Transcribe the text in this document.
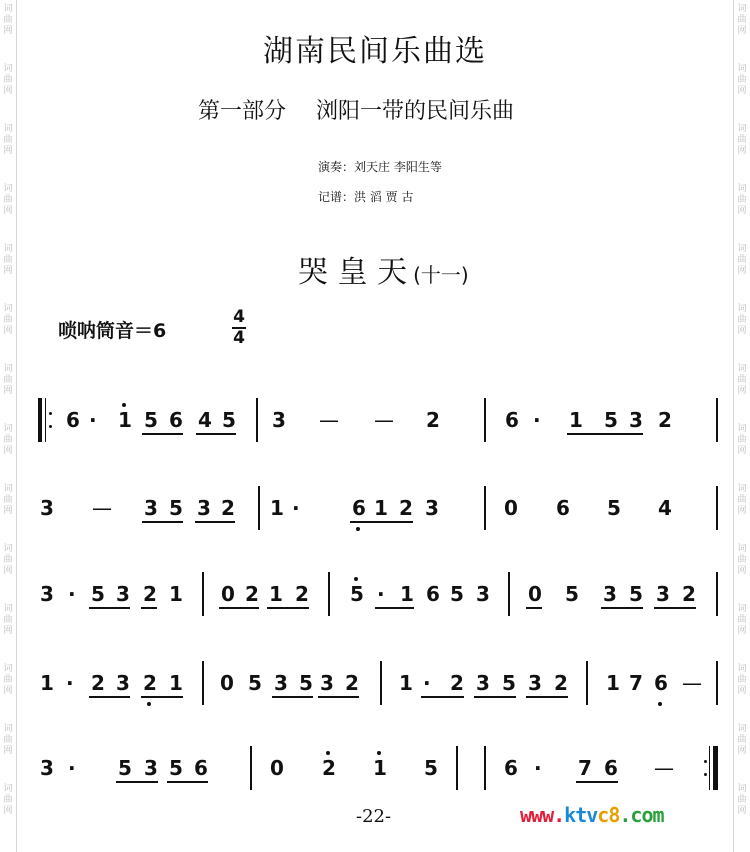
词
曲
网
词
曲
网
词
曲
网
词
曲
网
词
曲
网
词
曲
网
词
曲
网
词
曲
网
词
曲
网
词
曲
网
词
曲
网
词
曲
网
词
曲
网
词
曲
网
词
曲
网
词
曲
网
词
曲
网
词
曲
网
词
曲
网
词
曲
网
词
曲
网
词
曲
网
词
曲
网
词
曲
网
词
曲
网
词
曲
网
词
曲
网
词
曲
网
湖南民间乐曲选
第一部分 浏阳一带的民间乐曲
演奏：刘天庄 李阳生等
记谱：洪 滔 贾 古
哭 皇 天 (十一)
唢呐筒音＝6
4
4
6 · 1 5 6 4 5 3 — — 2	6 · 1 5 3 2
3 — 3 5 3 2 1 ·	6 1 2 3	0 6 5 4
3 · 5 3 2 1 0 2 1 2 5 · 1 6 5 3 0 5 3 5 3 2
1 · 2 3 2 1 0 5 3 5 3 2 1 · 2 3 5 3 2 1 7 6 —
3 · 5 3 5 6	0 2 1 5	6 · 7 6 —
-22-	www.ktvc8.com
